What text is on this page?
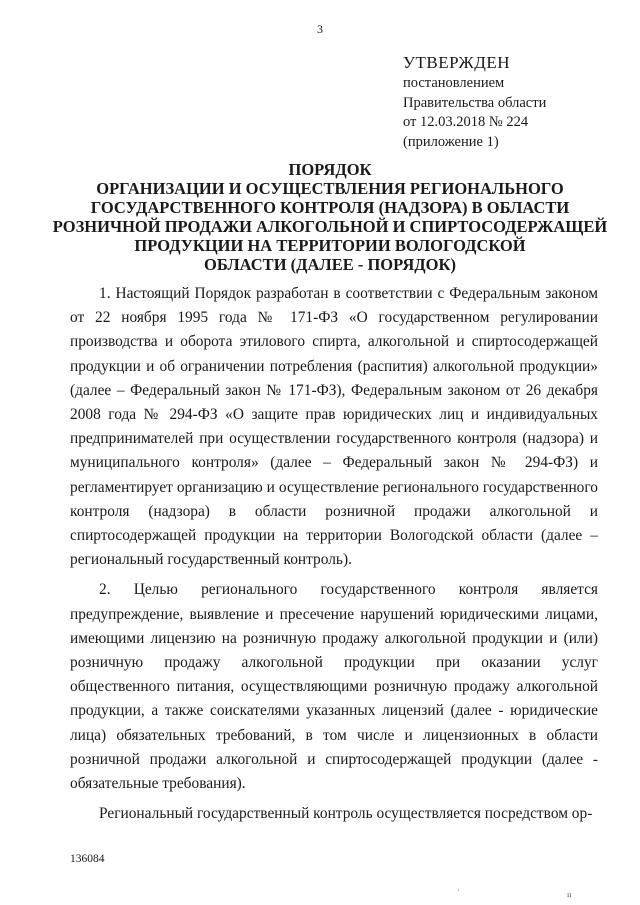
3
УТВЕРЖДЕН
постановлением
Правительства области
от 12.03.2018 № 224
(приложение 1)
ПОРЯДОК
ОРГАНИЗАЦИИ И ОСУЩЕСТВЛЕНИЯ РЕГИОНАЛЬНОГО
ГОСУДАРСТВЕННОГО КОНТРОЛЯ (НАДЗОРА) В ОБЛАСТИ
РОЗНИЧНОЙ ПРОДАЖИ АЛКОГОЛЬНОЙ И СПИРТОСОДЕРЖАЩЕЙ
ПРОДУКЦИИ НА ТЕРРИТОРИИ ВОЛОГОДСКОЙ
ОБЛАСТИ (ДАЛЕЕ - ПОРЯДОК)

1. Настоящий Порядок разработан в соответствии с Федеральным законом от 22 ноября 1995 года № 171-ФЗ «О государственном регулировании производства и оборота этилового спирта, алкогольной и спиртосодержащей продукции и об ограничении потребления (распития) алкогольной продукции» (далее – Федеральный закон № 171-ФЗ), Федеральным законом от 26 декабря 2008 года № 294-ФЗ «О защите прав юридических лиц и индивидуальных предпринимателей при осуществлении государственного контроля (надзора) и муниципального контроля» (далее – Федеральный закон № 294-ФЗ) и регламентирует организацию и осуществление регионального государственного контроля (надзора) в области розничной продажи алкогольной и спиртосодержащей продукции на территории Вологодской области (далее – региональный государственный контроль).

2. Целью регионального государственного контроля является предупреждение, выявление и пресечение нарушений юридическими лицами, имеющими лицензию на розничную продажу алкогольной продукции и (или) розничную продажу алкогольной продукции при оказании услуг общественного питания, осуществляющими розничную продажу алкогольной продукции, а также соискателями указанных лицензий (далее - юридические лица) обязательных требований, в том числе и лицензионных в области розничной продажи алкогольной и спиртосодержащей продукции (далее - обязательные требования).

Региональный государственный контроль осуществляется посредством ор-

136084
·	ıı
